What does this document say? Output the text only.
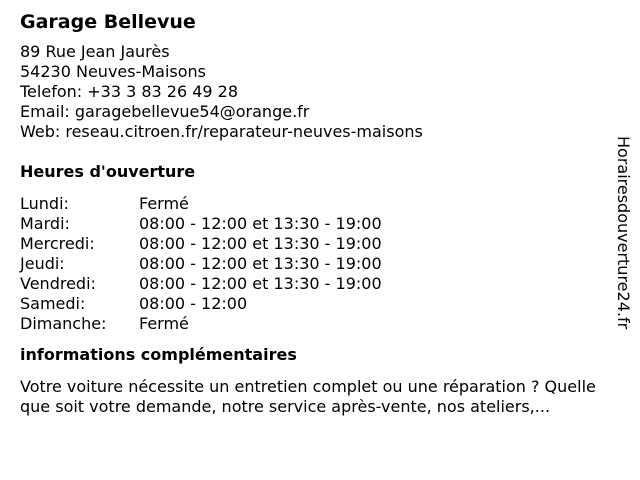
Garage Bellevue
89 Rue Jean Jaurès
54230 Neuves-Maisons
Telefon: +33 3 83 26 49 28
Email: garagebellevue54@orange.fr
Web: reseau.citroen.fr/reparateur-neuves-maisons
Heures d'ouverture
Lundi:	Fermé
Mardi:	08:00 - 12:00 et 13:30 - 19:00
Mercredi:	08:00 - 12:00 et 13:30 - 19:00
Jeudi:	08:00 - 12:00 et 13:30 - 19:00
Vendredi:	08:00 - 12:00 et 13:30 - 19:00
Samedi:	08:00 - 12:00
Dimanche:	Fermé
informations complémentaires

Votre voiture nécessite un entretien complet ou une réparation ? Quelle que soit votre demande, notre service après-vente, nos ateliers,...

Horairesdouverture24.fr
